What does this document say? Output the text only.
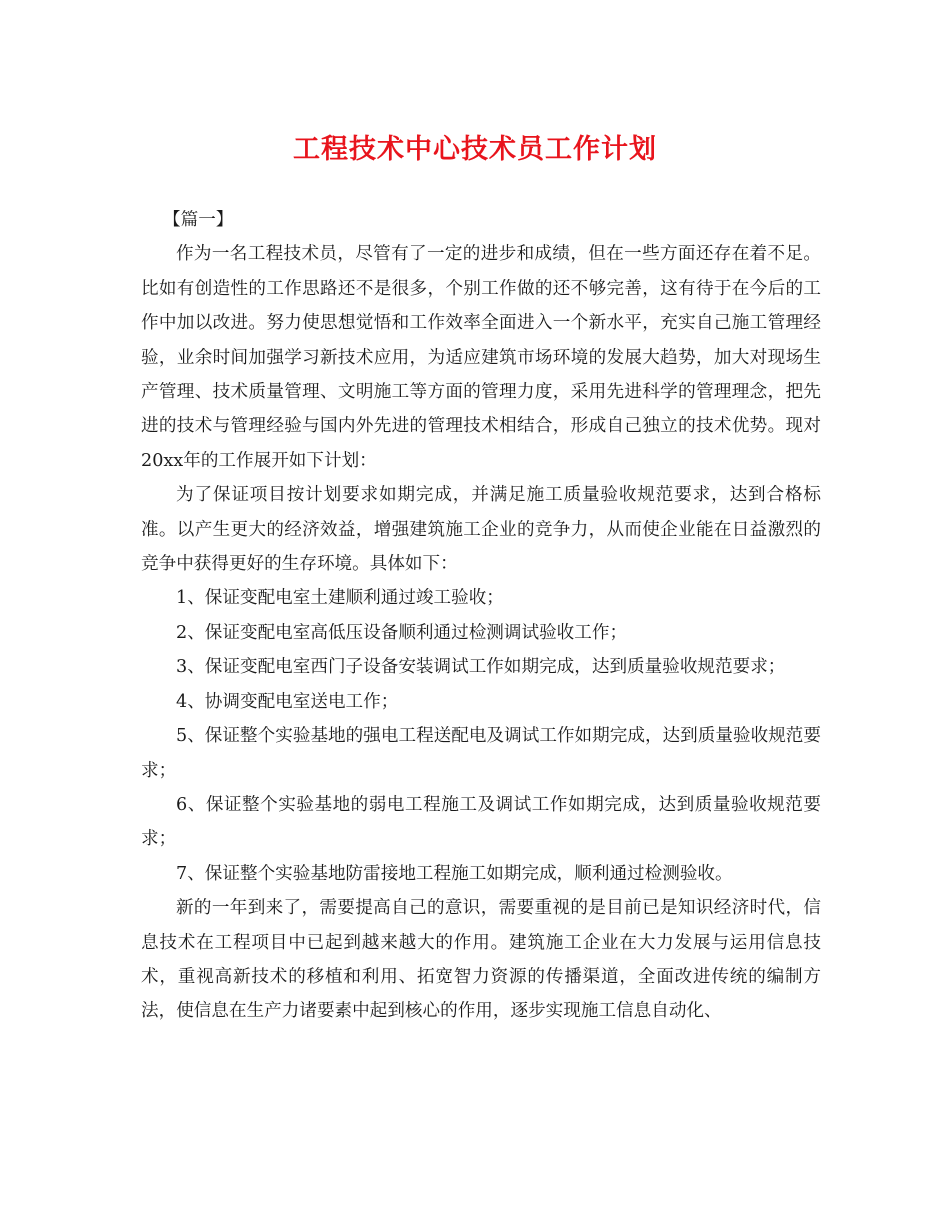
工程技术中心技术员工作计划

【篇一】

作为一名工程技术员，尽管有了一定的进步和成绩，但在一些方面还存在着不足。比如有创造性的工作思路还不是很多，个别工作做的还不够完善，这有待于在今后的工作中加以改进。努力使思想觉悟和工作效率全面进入一个新水平，充实自己施工管理经验，业余时间加强学习新技术应用，为适应建筑市场环境的发展大趋势，加大对现场生产管理、技术质量管理、文明施工等方面的管理力度，采用先进科学的管理理念，把先进的技术与管理经验与国内外先进的管理技术相结合，形成自己独立的技术优势。现对20xx年的工作展开如下计划：

为了保证项目按计划要求如期完成，并满足施工质量验收规范要求，达到合格标准。以产生更大的经济效益，增强建筑施工企业的竞争力，从而使企业能在日益激烈的竞争中获得更好的生存环境。具体如下：

1、保证变配电室土建顺利通过竣工验收；

2、保证变配电室高低压设备顺利通过检测调试验收工作；

3、保证变配电室西门子设备安装调试工作如期完成，达到质量验收规范要求；

4、协调变配电室送电工作；

5、保证整个实验基地的强电工程送配电及调试工作如期完成，达到质量验收规范要求；

6、保证整个实验基地的弱电工程施工及调试工作如期完成，达到质量验收规范要求；

7、保证整个实验基地防雷接地工程施工如期完成，顺利通过检测验收。

新的一年到来了，需要提高自己的意识，需要重视的是目前已是知识经济时代，信息技术在工程项目中已起到越来越大的作用。建筑施工企业在大力发展与运用信息技术，重视高新技术的移植和利用、拓宽智力资源的传播渠道，全面改进传统的编制方法，使信息在生产力诸要素中起到核心的作用，逐步实现施工信息自动化、
